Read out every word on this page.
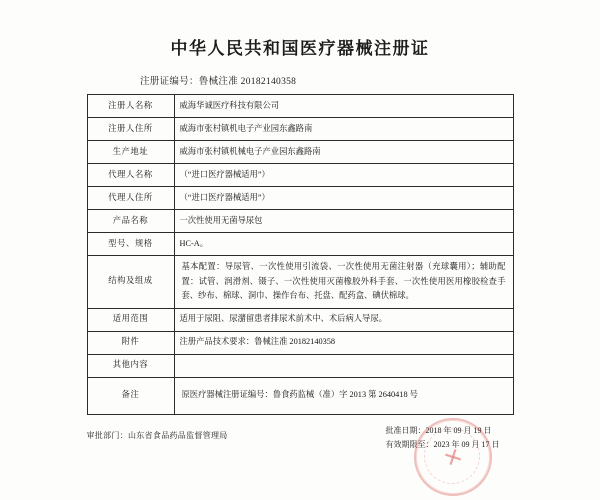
中华人民共和国医疗器械注册证

注册证编号：鲁械注准 20182140358

注册人名称	威海华诚医疗科技有限公司
注册人住所	威海市张村镇机电子产业园东鑫路南
生产地址	威海市张村镇机械电子产业园东鑫路南
代理人名称	（“进口医疗器械适用”）
代理人住所	（“进口医疗器械适用”）
产品名称	一次性使用无菌导尿包
型号、规格	HC-A。
结构及组成	基本配置：导尿管、一次性使用引流袋、一次性使用无菌注射器（充球囊用）；辅助配置：试管、润滑剂、镊子、一次性使用灭菌橡胶外科手套、一次性使用医用橡胶检查手套、纱布、棉球、洞巾、操作台布、托盘、配药盒、碘伏棉球。
适用范围	适用于尿阻、尿潴留患者排尿术前术中、术后病人导尿。
附件	注册产品技术要求：鲁械注准 20182140358
其他内容	
备注	原医疗器械注册证编号：鲁食药监械（准）字 2013 第 2640418 号
审批部门：山东省食品药品监督管理局
批准日期：2018 年 09 月 19 日
有效期限至：2023 年 09 月 17 日
